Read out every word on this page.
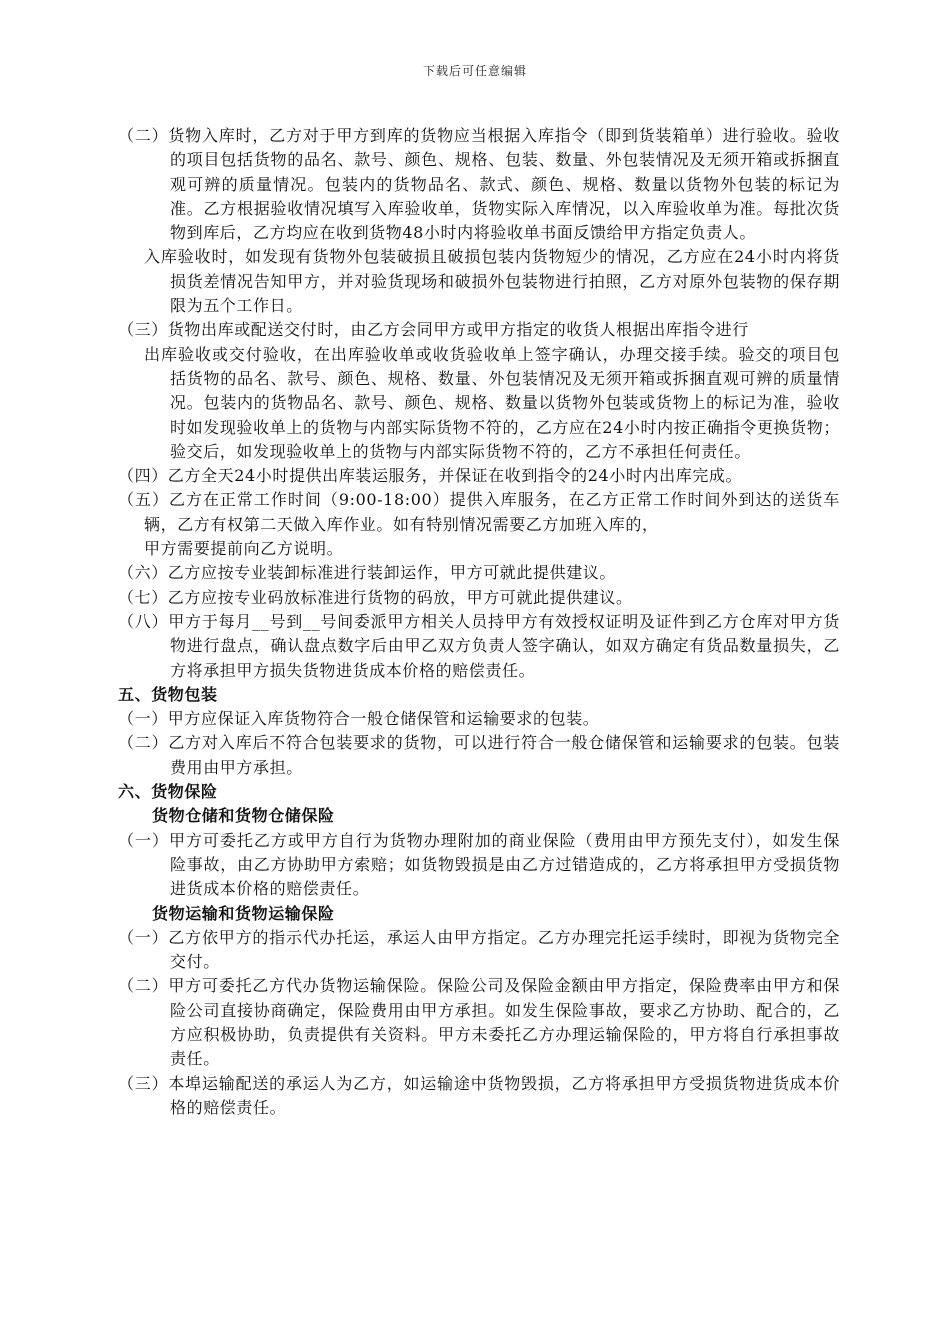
下载后可任意编辑

（二）货物入库时，乙方对于甲方到库的货物应当根据入库指令（即到货装箱单）进行验收。验收的项目包括货物的品名、款号、颜色、规格、包装、数量、外包装情况及无须开箱或拆捆直观可辨的质量情况。包装内的货物品名、款式、颜色、规格、数量以货物外包装的标记为准。乙方根据验收情况填写入库验收单，货物实际入库情况，以入库验收单为准。每批次货物到库后，乙方均应在收到货物48小时内将验收单书面反馈给甲方指定负责人。

入库验收时，如发现有货物外包装破损且破损包装内货物短少的情况，乙方应在24小时内将货损货差情况告知甲方，并对验货现场和破损外包装物进行拍照，乙方对原外包装物的保存期限为五个工作日。

（三）货物出库或配送交付时，由乙方会同甲方或甲方指定的收货人根据出库指令进行

出库验收或交付验收，在出库验收单或收货验收单上签字确认，办理交接手续。验交的项目包括货物的品名、款号、颜色、规格、数量、外包装情况及无须开箱或拆捆直观可辨的质量情况。包装内的货物品名、款号、颜色、规格、数量以货物外包装或货物上的标记为准，验收时如发现验收单上的货物与内部实际货物不符的，乙方应在24小时内按正确指令更换货物；验交后，如发现验收单上的货物与内部实际货物不符的，乙方不承担任何责任。

（四）乙方全天24小时提供出库装运服务，并保证在收到指令的24小时内出库完成。

（五）乙方在正常工作时间（9:00-18:00）提供入库服务，在乙方正常工作时间外到达的送货车辆，乙方有权第二天做入库作业。如有特别情况需要乙方加班入库的，

甲方需要提前向乙方说明。

（六）乙方应按专业装卸标准进行装卸运作，甲方可就此提供建议。

（七）乙方应按专业码放标准进行货物的码放，甲方可就此提供建议。

（八）甲方于每月__号到__号间委派甲方相关人员持甲方有效授权证明及证件到乙方仓库对甲方货物进行盘点，确认盘点数字后由甲乙双方负责人签字确认，如双方确定有货品数量损失，乙方将承担甲方损失货物进货成本价格的赔偿责任。

五、货物包装

（一）甲方应保证入库货物符合一般仓储保管和运输要求的包装。

（二）乙方对入库后不符合包装要求的货物，可以进行符合一般仓储保管和运输要求的包装。包装费用由甲方承担。

六、货物保险

货物仓储和货物仓储保险

（一）甲方可委托乙方或甲方自行为货物办理附加的商业保险（费用由甲方预先支付），如发生保险事故，由乙方协助甲方索赔；如货物毁损是由乙方过错造成的，乙方将承担甲方受损货物进货成本价格的赔偿责任。

货物运输和货物运输保险

（一）乙方依甲方的指示代办托运，承运人由甲方指定。乙方办理完托运手续时，即视为货物完全交付。

（二）甲方可委托乙方代办货物运输保险。保险公司及保险金额由甲方指定，保险费率由甲方和保险公司直接协商确定，保险费用由甲方承担。如发生保险事故，要求乙方协助、配合的，乙方应积极协助，负责提供有关资料。甲方未委托乙方办理运输保险的，甲方将自行承担事故责任。

（三）本埠运输配送的承运人为乙方，如运输途中货物毁损，乙方将承担甲方受损货物进货成本价格的赔偿责任。
